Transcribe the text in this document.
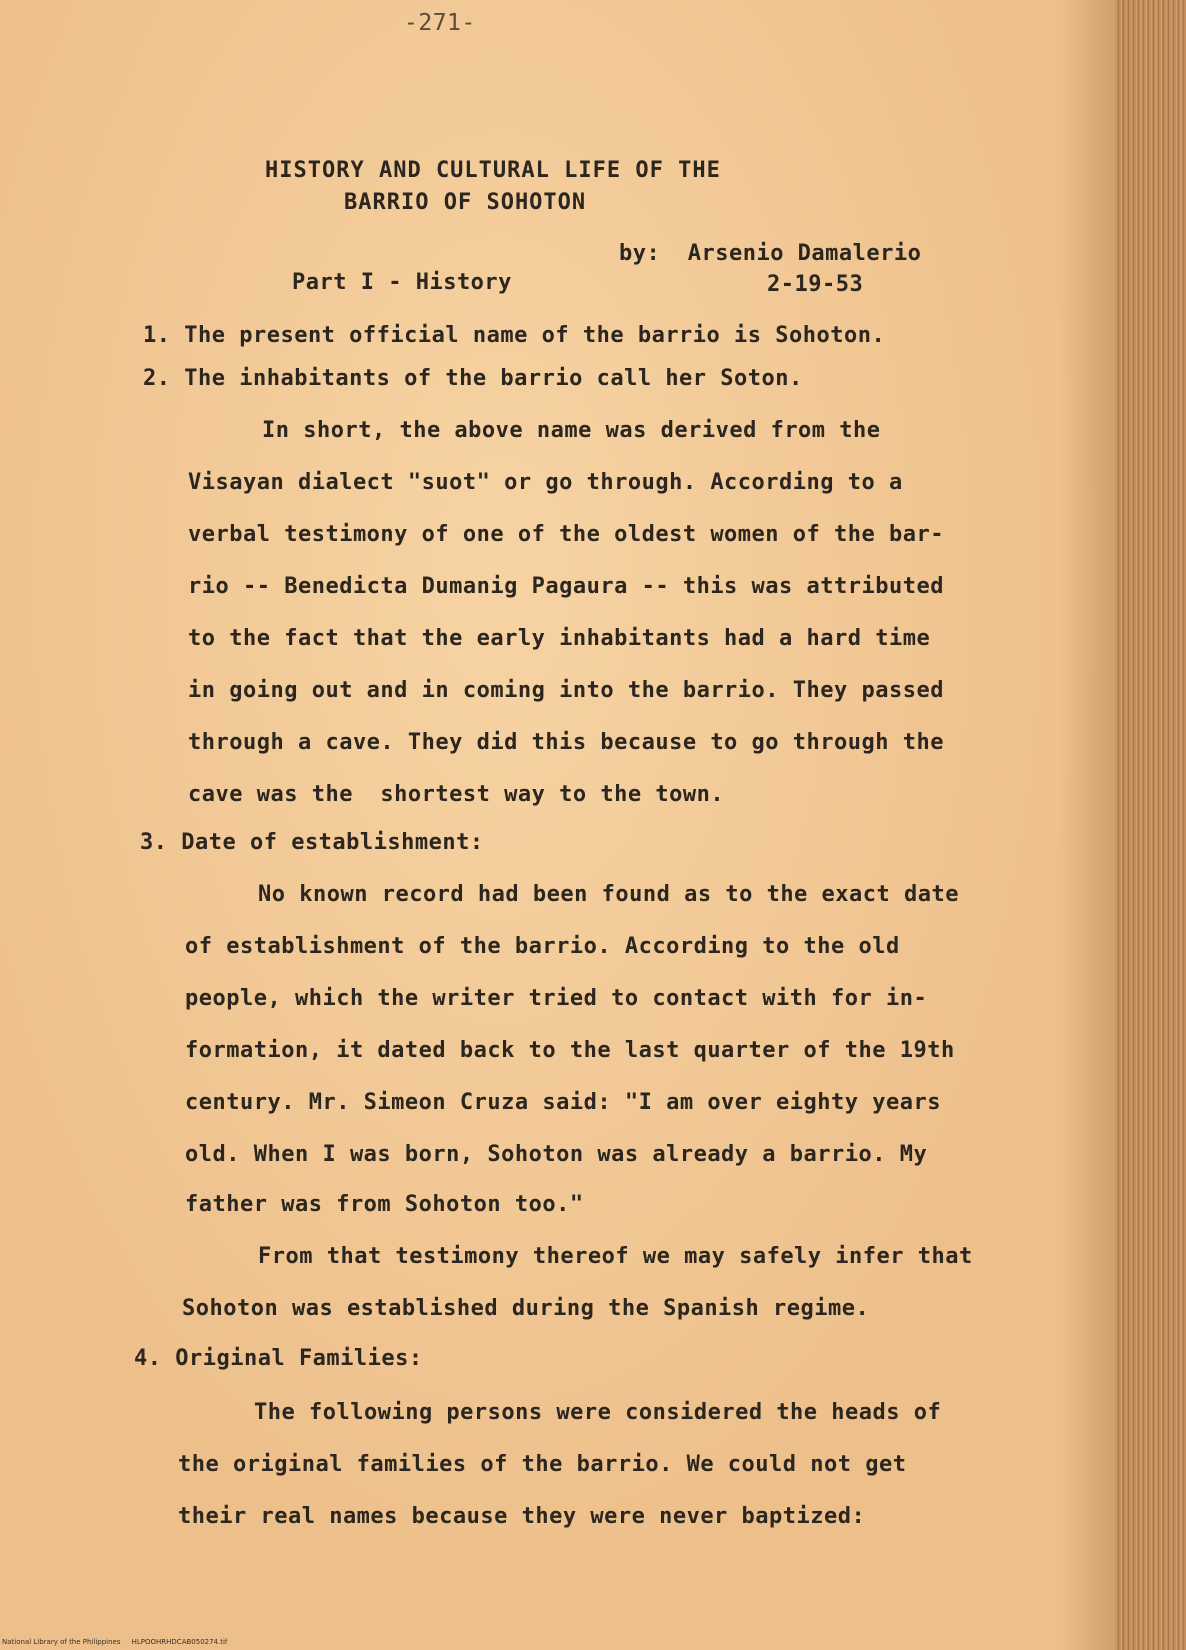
-271-
HISTORY AND CULTURAL LIFE OF THE
BARRIO OF SOHOTON
by:  Arsenio Damalerio
Part I - History	2-19-53
1. The present official name of the barrio is Sohoton.
2. The inhabitants of the barrio call her Soton.
In short, the above name was derived from the
Visayan dialect "suot" or go through. According to a
verbal testimony of one of the oldest women of the bar-
rio -- Benedicta Dumanig Pagaura -- this was attributed
to the fact that the early inhabitants had a hard time
in going out and in coming into the barrio. They passed
through a cave. They did this because to go through the
cave was the  shortest way to the town.
3. Date of establishment:
No known record had been found as to the exact date
of establishment of the barrio. According to the old
people, which the writer tried to contact with for in-
formation, it dated back to the last quarter of the 19th
century. Mr. Simeon Cruza said: "I am over eighty years
old. When I was born, Sohoton was already a barrio. My
father was from Sohoton too."
From that testimony thereof we may safely infer that
Sohoton was established during the Spanish regime.
4. Original Families:
The following persons were considered the heads of
the original families of the barrio. We could not get
their real names because they were never baptized:
National Library of the Philippines     HLPOOHRHDCAB050274.tif
